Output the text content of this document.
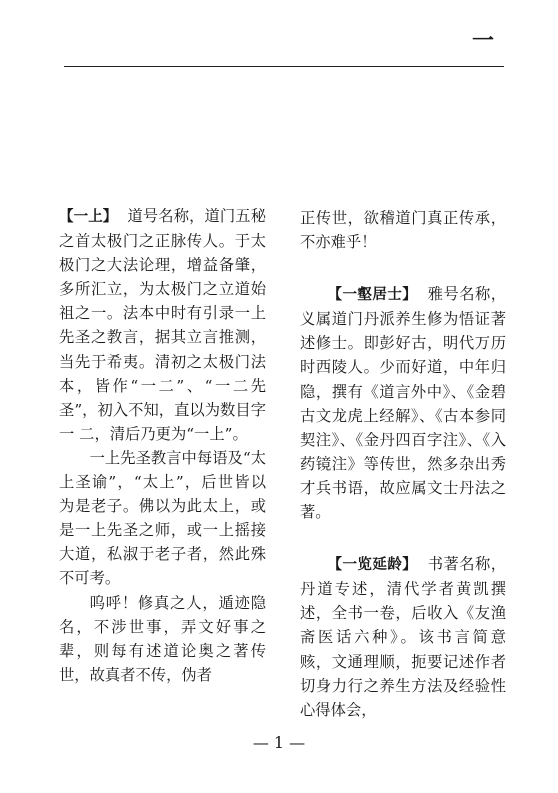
一

【一上】 道号名称，道门五秘之首太极门之正脉传人。于太极门之大法论理，增益备肇，多所汇立，为太极门之立道始祖之一。法本中时有引录一上先圣之教言，据其立言推测，当先于希夷。清初之太极门法本，皆作“一二”、“一二先圣”，初入不知，直以为数目字一 二，清后乃更为“一上”。

一上先圣教言中每语及“太上圣谕”，“太上”，后世皆以为是老子。佛以为此太上，或是一上先圣之师，或一上摇接大道，私淑于老子者，然此殊不可考。

呜呼！修真之人，遁迹隐名，不涉世事，弄文好事之辈，则每有述道论奥之著传世，故真者不传，伪者

正传世，欲稽道门真正传承，不亦难乎！

【一壑居士】 雅号名称，义属道门丹派养生修为悟证著述修士。即彭好古，明代万历时西陵人。少而好道，中年归隐，撰有《道言外中》、《金碧古文龙虎上经解》、《古本参同契注》、《金丹四百字注》、《入药镜注》等传世，然多杂出秀才兵书语，故应属文士丹法之著。

【一览延龄】 书著名称，丹道专述，清代学者黄凯撰述，全书一卷，后收入《友渔斋医话六种》。该书言简意赅，文通理顺，扼要记述作者切身力行之养生方法及经验性心得体会，

— 1 —
